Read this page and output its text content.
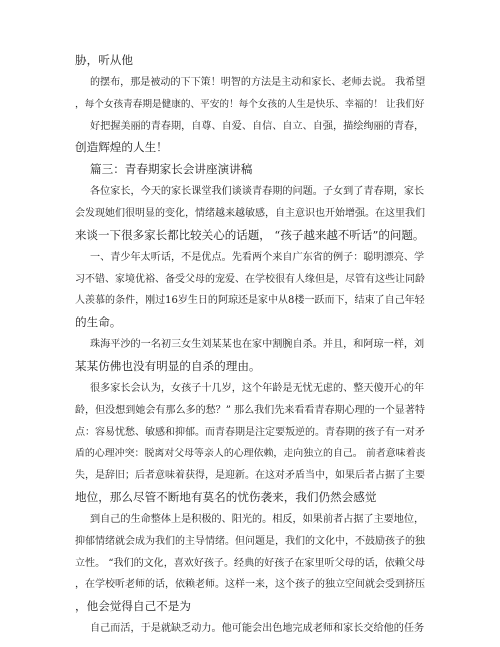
胁，听从他
的摆布，那是被动的下下策！明智的方法是主动和家长、老师去说。 我希望
，每个女孩青春期是健康的、平安的！每个女孩的人生是快乐、幸福的！ 让我们好
好把握美丽的青春期，自尊、自爱、自信、自立、自强，描绘绚丽的青春，
创造辉煌的人生！
篇三：青春期家长会讲座演讲稿
各位家长，今天的家长课堂我们谈谈青春期的问题。子女到了青春期，家长
会发现她们很明显的变化，情绪越来越敏感，自主意识也开始增强。在这里我们
来谈一下很多家长都比较关心的话题， “孩子越来越不听话”的问题。
一、青少年太听话，不是优点。先看两个来自广东省的例子：聪明漂亮、学
习不错、家境优裕、备受父母的宠爱、在学校很有人缘但是，尽管有这些让同龄
人羡慕的条件，刚过16岁生日的阿琼还是家中从8楼一跃而下，结束了自己年轻
的生命。
珠海平沙的一名初三女生刘某某也在家中割腕自杀。并且，和阿琼一样，刘
某某仿佛也没有明显的自杀的理由。
很多家长会认为，女孩子十几岁，这个年龄是无忧无虑的、整天傻开心的年
龄，但没想到她会有那么多的愁？” 那么我们先来看看青春期心理的一个显著特
点：容易忧愁、敏感和抑郁。而青春期是注定要叛逆的。青春期的孩子有一对矛
盾的心理冲突：脱离对父母等亲人的心理依赖，走向独立的自己。 前者意味着丧
失，是辞旧；后者意味着获得，是迎新。在这对矛盾当中，如果后者占据了主要
地位，那么尽管不断地有莫名的忧伤袭来，我们仍然会感觉
到自己的生命整体上是积极的、阳光的。相反，如果前者占据了主要地位，
抑郁情绪就会成为我们的主导情绪。但问题是，我们的文化中，不鼓励孩子的独
立性。 “我们的文化，喜欢好孩子。经典的好孩子在家里听父母的话，依赖父母
，在学校听老师的话，依赖老师。这样一来，这个孩子的独立空间就会受到挤压
，他会觉得自己不是为
自己而活，于是就缺乏动力。他可能会出色地完成老师和家长交给他的任务
